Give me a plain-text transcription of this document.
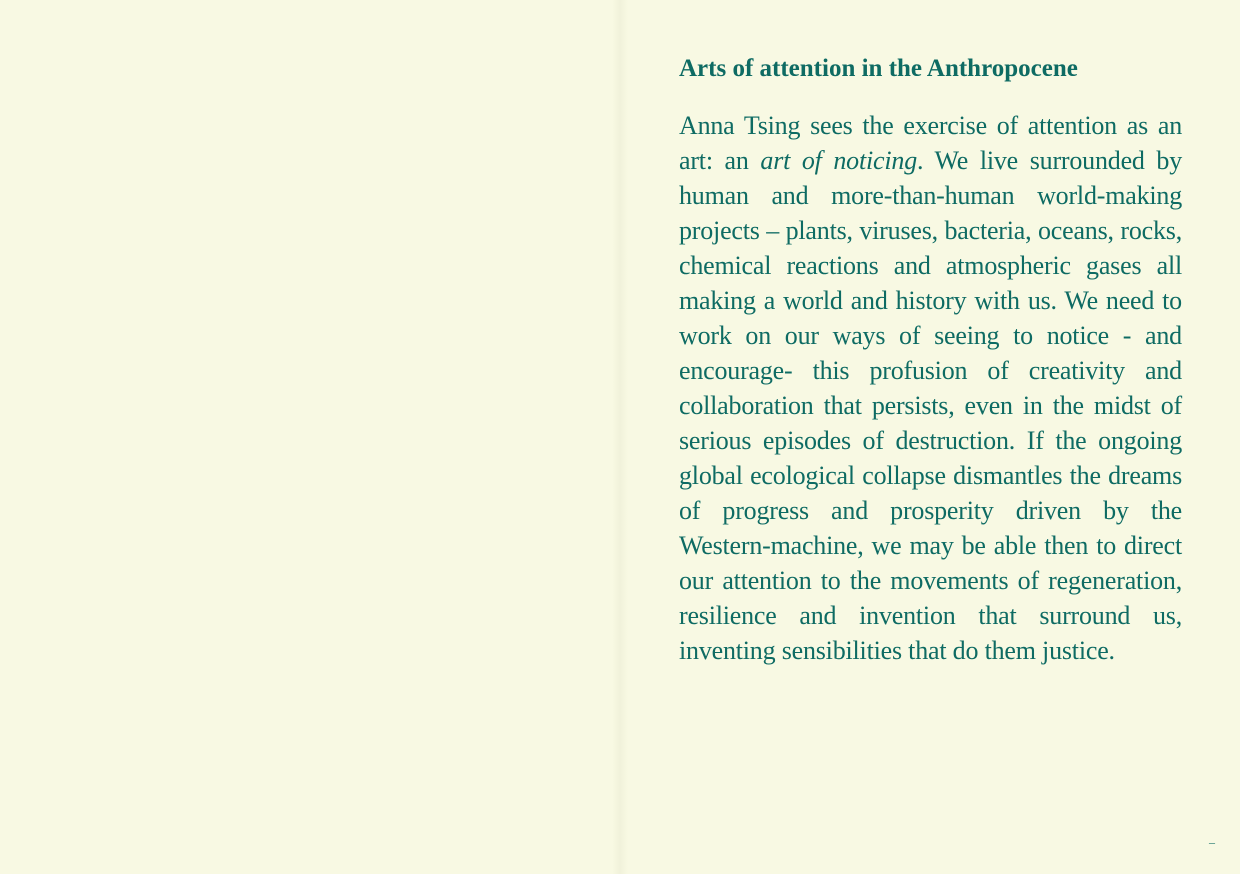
Arts of attention in the Anthropocene

Anna Tsing sees the exercise of attention as an art: an art of noticing. We live surrounded by human and more-than-human world-making projects – plants, viruses, bacteria, oceans, rocks, chemical reactions and atmospheric gases all making a world and history with us. We need to work on our ways of seeing to notice - and encourage- this profusion of creativity and collaboration that persists, even in the midst of serious episodes of destruction. If the ongoing global ecological collapse dismantles the dreams of progress and prosperity driven by the Western-machine, we may be able then to direct our attention to the movements of regeneration, resilience and invention that surround us, inventing sensibilities that do them justice.

–
